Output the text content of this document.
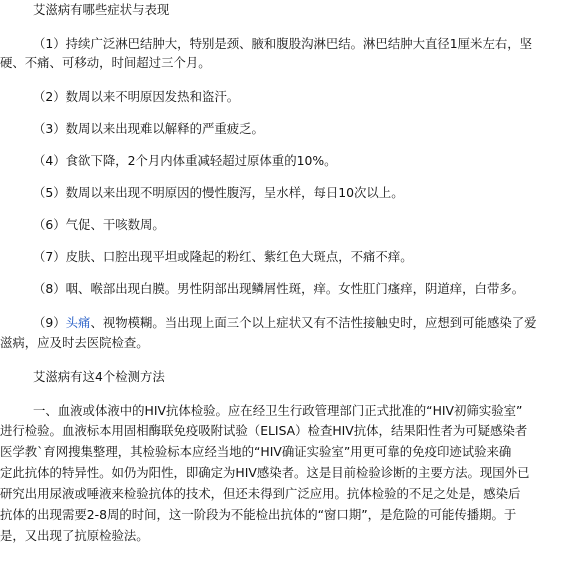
艾滋病有哪些症状与表现
（1）持续广泛淋巴结肿大，特别是颈、腋和腹股沟淋巴结。淋巴结肿大直径1厘米左右，坚
硬、不痛、可移动，时间超过三个月。
（2）数周以来不明原因发热和盗汗。
（3）数周以来出现难以解释的严重疲乏。
（4）食欲下降，2个月内体重减轻超过原体重的10%。
（5）数周以来出现不明原因的慢性腹泻，呈水样，每日10次以上。
（6）气促、干咳数周。
（7）皮肤、口腔出现平坦或隆起的粉红、紫红色大斑点，不痛不痒。
（8）咽、喉部出现白膜。男性阴部出现鳞屑性斑，痒。女性肛门瘙痒，阴道痒，白带多。
（9）头痛、视物模糊。当出现上面三个以上症状又有不洁性接触史时，应想到可能感染了爱
滋病，应及时去医院检查。
艾滋病有这4个检测方法
一、血液或体液中的HIV抗体检验。应在经卫生行政管理部门正式批准的“HIV初筛实验室”
进行检验。血液标本用固相酶联免疫吸附试验（ELISA）检查HIV抗体，结果阳性者为可疑感染者
医学教`育网搜集整理，其检验标本应经当地的“HIV确证实验室”用更可靠的免疫印迹试验来确
定此抗体的特异性。如仍为阳性，即确定为HIV感染者。这是目前检验诊断的主要方法。现国外已
研究出用尿液或唾液来检验抗体的技术，但还未得到广泛应用。抗体检验的不足之处是，感染后
抗体的出现需要2-8周的时间，这一阶段为不能检出抗体的“窗口期”，是危险的可能传播期。于
是，又出现了抗原检验法。
